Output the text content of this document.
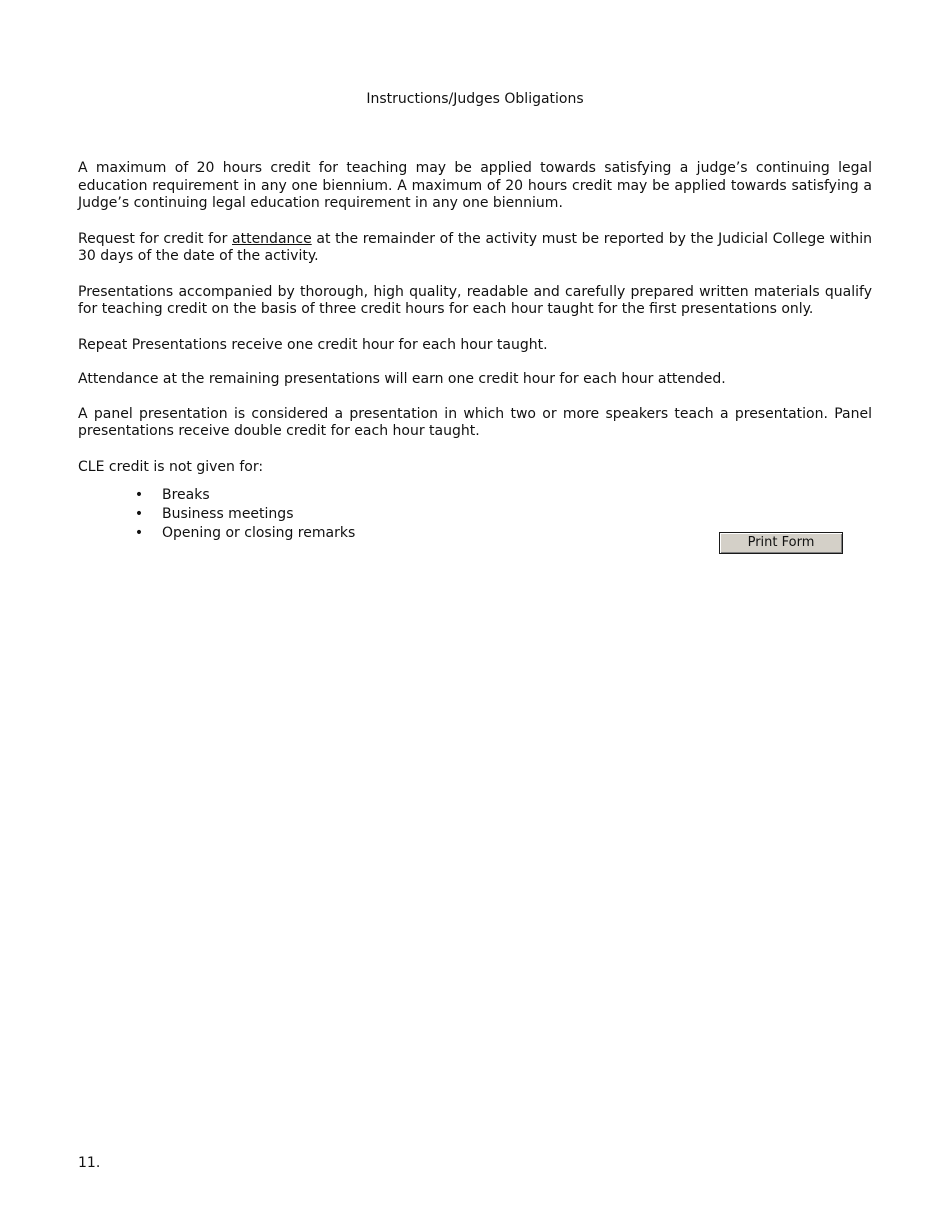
Instructions/Judges Obligations

A maximum of 20 hours credit for teaching may be applied towards satisfying a judge’s continuing legal education requirement in any one biennium. A maximum of 20 hours credit may be applied towards satisfying a Judge’s continuing legal education requirement in any one biennium.

Request for credit for attendance at the remainder of the activity must be reported by the Judicial College within 30 days of the date of the activity.

Presentations accompanied by thorough, high quality, readable and carefully prepared written materials qualify for teaching credit on the basis of three credit hours for each hour taught for the first presentations only.

Repeat Presentations receive one credit hour for each hour taught.

Attendance at the remaining presentations will earn one credit hour for each hour attended.

A panel presentation is considered a presentation in which two or more speakers teach a presentation. Panel presentations receive double credit for each hour taught.

CLE credit is not given for:

• Breaks
• Business meetings
• Opening or closing remarks
Print Form
11.
